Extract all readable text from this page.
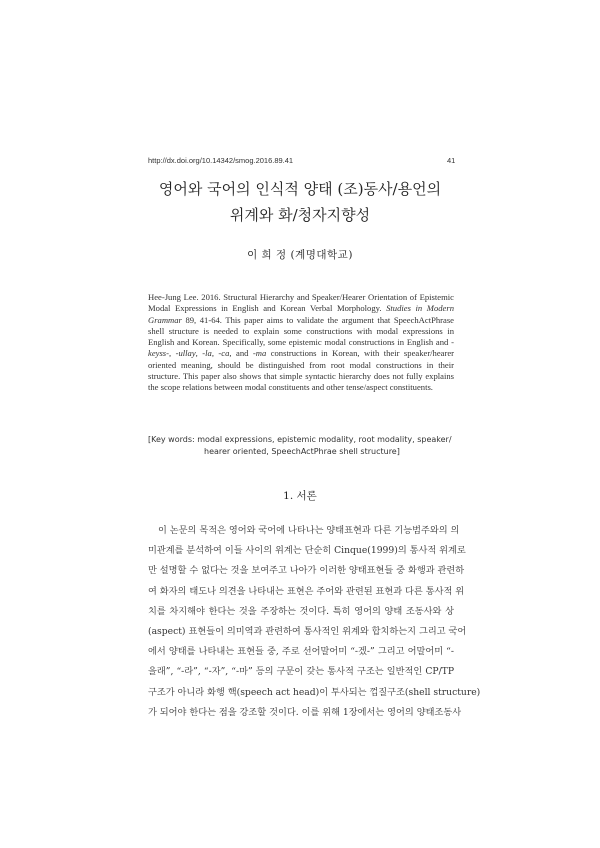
http://dx.doi.org/10.14342/smog.2016.89.41	41
영어와 국어의 인식적 양태 (조)동사/용언의
위계와 화/청자지향성
이 희 정 (계명대학교)
Hee-Jung Lee. 2016. Structural Hierarchy and Speaker/Hearer Orientation of Epistemic Modal Expressions in English and Korean Verbal Morphology. Studies in Modern Grammar 89, 41-64. This paper aims to validate the argument that SpeechActPhrase shell structure is needed to explain some constructions with modal expressions in English and Korean. Specifically, some epistemic modal constructions in English and -keyss-, -ullay, -la, -ca, and -ma constructions in Korean, with their speaker/hearer oriented meaning, should be distinguished from root modal constructions in their structure. This paper also shows that simple syntactic hierarchy does not fully explains the scope relations between modal constituents and other tense/aspect constituents.
[Key words: modal expressions, epistemic modality, root modality, speaker/
hearer oriented, SpeechActPhrae shell structure]
1. 서론
이 논문의 목적은 영어와 국어에 나타나는 양태표현과 다른 기능범주와의 의
미관계를 분석하여 이들 사이의 위계는 단순히 Cinque(1999)의 통사적 위계로
만 설명할 수 없다는 것을 보여주고 나아가 이러한 양태표현들 중 화행과 관련하
여 화자의 태도나 의견을 나타내는 표현은 주어와 관련된 표현과 다른 통사적 위
치를 차지해야 한다는 것을 주장하는 것이다. 특히 영어의 양태 조동사와 상
(aspect) 표현들이 의미역과 관련하여 통사적인 위계와 합치하는지 그리고 국어
에서 양태를 나타내는 표현들 중, 주로 선어말어미 “-겠-” 그리고 어말어미 “-
을래”, “-라”, “-자”, “-마” 등의 구문이 갖는 통사적 구조는 일반적인 CP/TP
구조가 아니라 화행 핵(speech act head)이 투사되는 껍질구조(shell structure)
가 되어야 한다는 점을 강조할 것이다. 이를 위해 1장에서는 영어의 양태조동사
